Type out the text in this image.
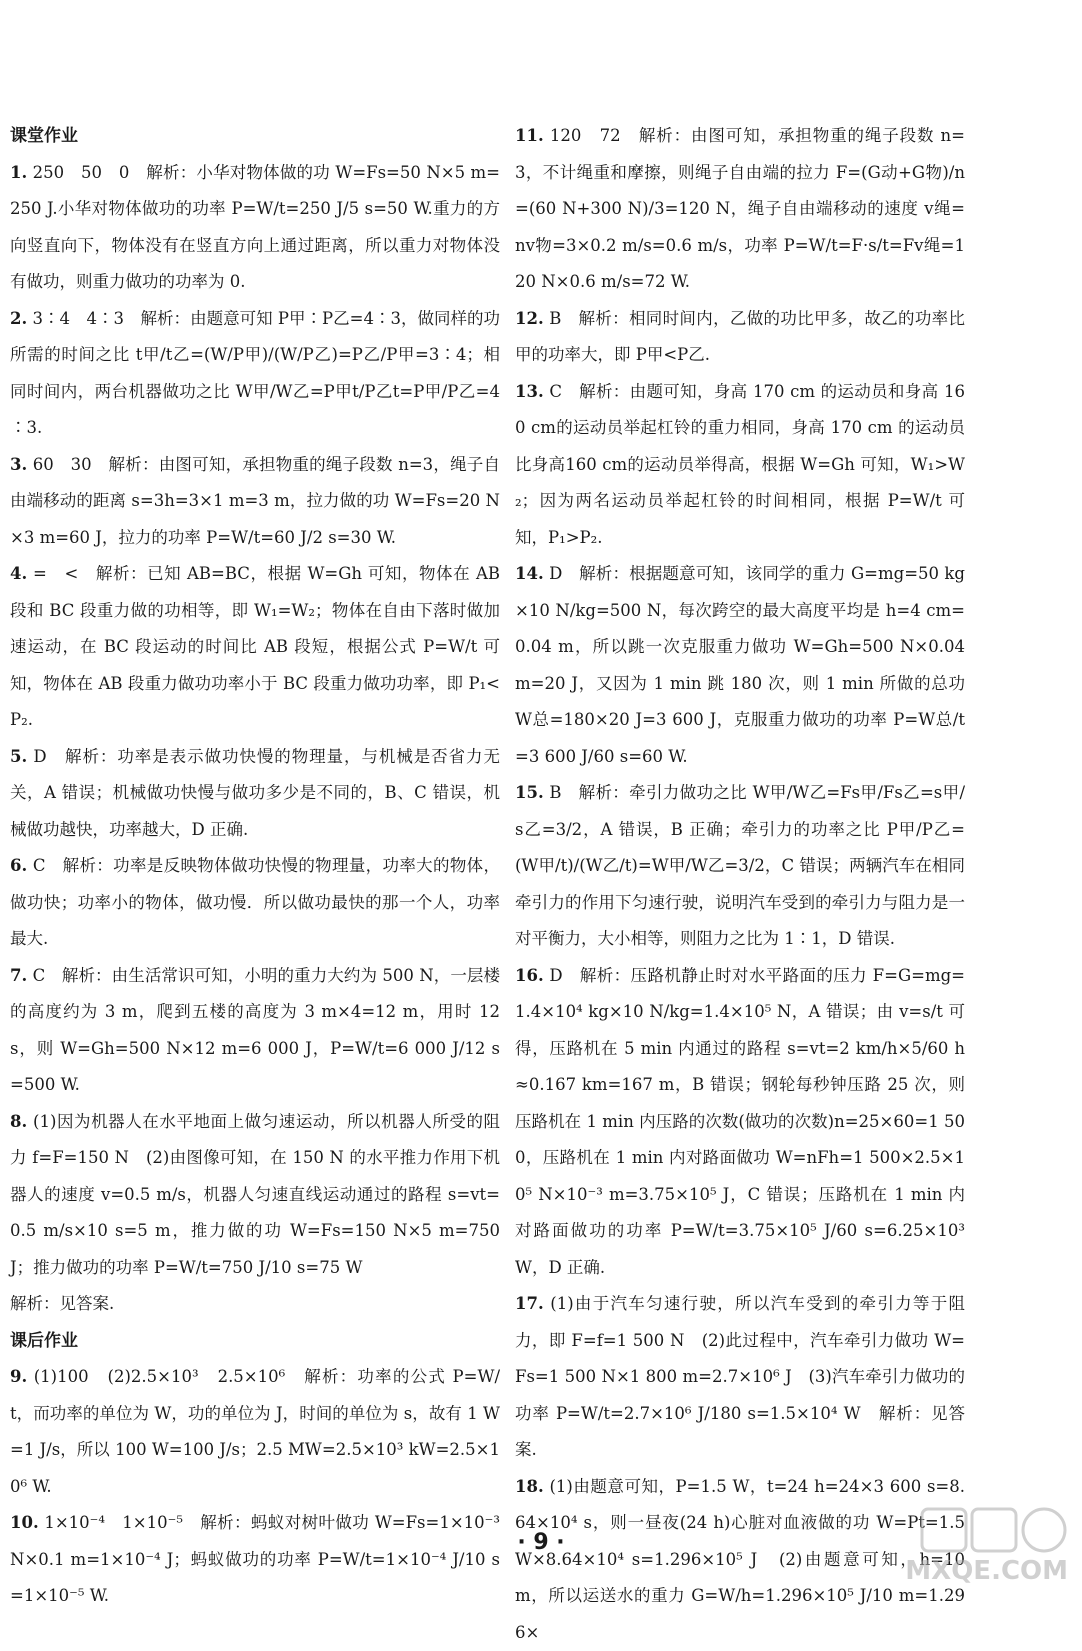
课堂作业

1. 250　50　0　解析：小华对物体做的功 W=Fs=50 N×5 m=250 J.小华对物体做功的功率 P=W/t=250 J/5 s=50 W.重力的方向竖直向下，物体没有在竖直方向上通过距离，所以重力对物体没有做功，则重力做功的功率为 0.

2. 3∶4　4∶3　解析：由题意可知 P甲∶P乙=4∶3，做同样的功所需的时间之比 t甲/t乙=(W/P甲)/(W/P乙)=P乙/P甲=3∶4；相同时间内，两台机器做功之比 W甲/W乙=P甲t/P乙t=P甲/P乙=4∶3.

3. 60　30　解析：由图可知，承担物重的绳子段数 n=3，绳子自由端移动的距离 s=3h=3×1 m=3 m，拉力做的功 W=Fs=20 N×3 m=60 J，拉力的功率 P=W/t=60 J/2 s=30 W.

4. =　<　解析：已知 AB=BC，根据 W=Gh 可知，物体在 AB 段和 BC 段重力做的功相等，即 W₁=W₂；物体在自由下落时做加速运动，在 BC 段运动的时间比 AB 段短，根据公式 P=W/t 可知，物体在 AB 段重力做功功率小于 BC 段重力做功功率，即 P₁<P₂.

5. D　解析：功率是表示做功快慢的物理量，与机械是否省力无关，A 错误；机械做功快慢与做功多少是不同的，B、C 错误，机械做功越快，功率越大，D 正确.

6. C　解析：功率是反映物体做功快慢的物理量，功率大的物体，做功快；功率小的物体，做功慢．所以做功最快的那一个人，功率最大.

7. C　解析：由生活常识可知，小明的重力大约为 500 N，一层楼的高度约为 3 m，爬到五楼的高度为 3 m×4=12 m，用时 12 s，则 W=Gh=500 N×12 m=6 000 J，P=W/t=6 000 J/12 s=500 W.

8. (1)因为机器人在水平地面上做匀速运动，所以机器人所受的阻力 f=F=150 N　(2)由图像可知，在 150 N 的水平推力作用下机器人的速度 v=0.5 m/s，机器人匀速直线运动通过的路程 s=vt=0.5 m/s×10 s=5 m，推力做的功 W=Fs=150 N×5 m=750 J；推力做功的功率 P=W/t=750 J/10 s=75 W

解析：见答案.

课后作业

9. (1)100　(2)2.5×10³　2.5×10⁶　解析：功率的公式 P=W/t，而功率的单位为 W，功的单位为 J，时间的单位为 s，故有 1 W=1 J/s，所以 100 W=100 J/s；2.5 MW=2.5×10³ kW=2.5×10⁶ W.

10. 1×10⁻⁴　1×10⁻⁵　解析：蚂蚁对树叶做功 W=Fs=1×10⁻³ N×0.1 m=1×10⁻⁴ J；蚂蚁做功的功率 P=W/t=1×10⁻⁴ J/10 s=1×10⁻⁵ W.

11. 120　72　解析：由图可知，承担物重的绳子段数 n=3，不计绳重和摩擦，则绳子自由端的拉力 F=(G动+G物)/n=(60 N+300 N)/3=120 N，绳子自由端移动的速度 v绳=nv物=3×0.2 m/s=0.6 m/s，功率 P=W/t=F·s/t=Fv绳=120 N×0.6 m/s=72 W.

12. B　解析：相同时间内，乙做的功比甲多，故乙的功率比甲的功率大，即 P甲<P乙.

13. C　解析：由题可知，身高 170 cm 的运动员和身高 160 cm的运动员举起杠铃的重力相同，身高 170 cm 的运动员比身高160 cm的运动员举得高，根据 W=Gh 可知，W₁>W₂；因为两名运动员举起杠铃的时间相同，根据 P=W/t 可知，P₁>P₂.

14. D　解析：根据题意可知，该同学的重力 G=mg=50 kg×10 N/kg=500 N，每次跨空的最大高度平均是 h=4 cm=0.04 m，所以跳一次克服重力做功 W=Gh=500 N×0.04 m=20 J，又因为 1 min 跳 180 次，则 1 min 所做的总功 W总=180×20 J=3 600 J，克服重力做功的功率 P=W总/t=3 600 J/60 s=60 W.

15. B　解析：牵引力做功之比 W甲/W乙=Fs甲/Fs乙=s甲/s乙=3/2，A 错误，B 正确；牵引力的功率之比 P甲/P乙=(W甲/t)/(W乙/t)=W甲/W乙=3/2，C 错误；两辆汽车在相同牵引力的作用下匀速行驶，说明汽车受到的牵引力与阻力是一对平衡力，大小相等，则阻力之比为 1∶1，D 错误.

16. D　解析：压路机静止时对水平路面的压力 F=G=mg=1.4×10⁴ kg×10 N/kg=1.4×10⁵ N，A 错误；由 v=s/t 可得，压路机在 5 min 内通过的路程 s=vt=2 km/h×5/60 h≈0.167 km=167 m，B 错误；钢轮每秒钟压路 25 次，则压路机在 1 min 内压路的次数(做功的次数)n=25×60=1 500，压路机在 1 min 内对路面做功 W=nFh=1 500×2.5×10⁵ N×10⁻³ m=3.75×10⁵ J，C 错误；压路机在 1 min 内对路面做功的功率 P=W/t=3.75×10⁵ J/60 s=6.25×10³ W，D 正确.

17. (1)由于汽车匀速行驶，所以汽车受到的牵引力等于阻力，即 F=f=1 500 N　(2)此过程中，汽车牵引力做功 W=Fs=1 500 N×1 800 m=2.7×10⁶ J　(3)汽车牵引力做功的功率 P=W/t=2.7×10⁶ J/180 s=1.5×10⁴ W　解析：见答案.

18. (1)由题意可知，P=1.5 W，t=24 h=24×3 600 s=8.64×10⁴ s，则一昼夜(24 h)心脏对血液做的功 W=Pt=1.5 W×8.64×10⁴ s=1.296×10⁵ J　(2)由题意可知，h=10 m，所以运送水的重力 G=W/h=1.296×10⁵ J/10 m=1.296×

· 9 ·
MXQE.COM
